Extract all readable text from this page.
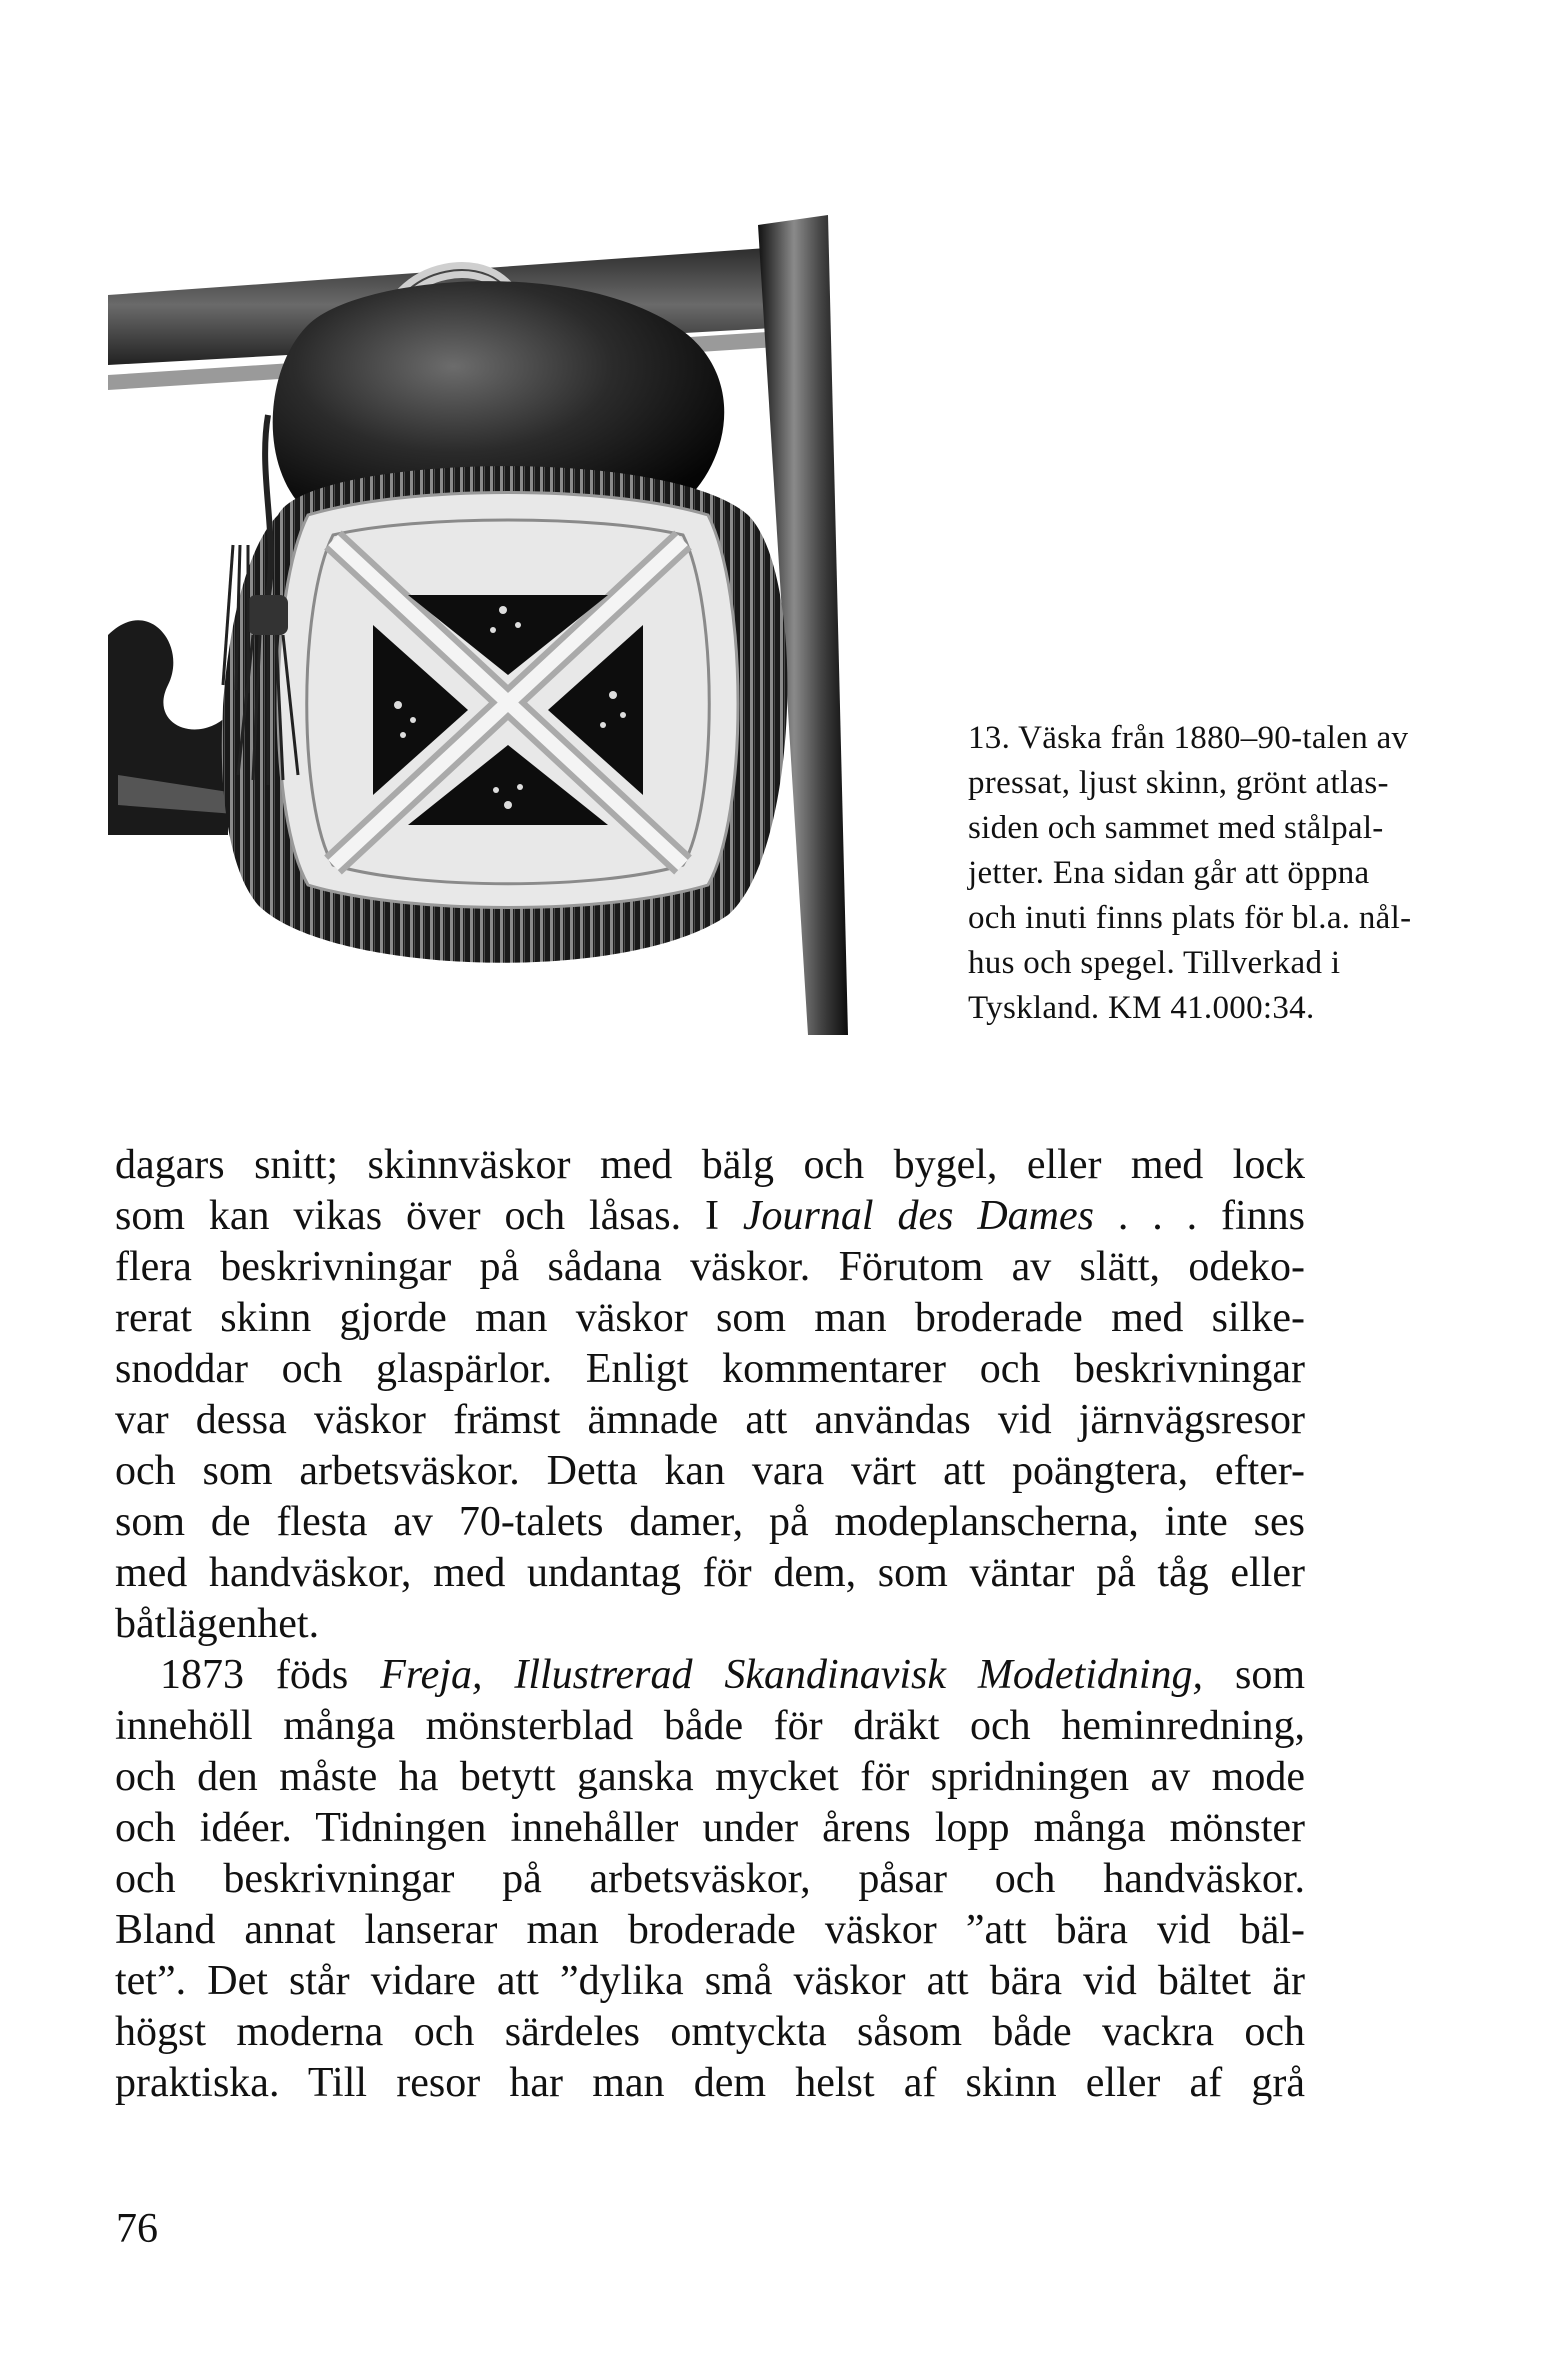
13. Väska från 1880–90-talen av
pressat, ljust skinn, grönt atlas-
siden och sammet med stålpal-
jetter. Ena sidan går att öppna
och inuti finns plats för bl.a. nål-
hus och spegel. Tillverkad i
Tyskland. KM 41.000:34.
dagars snitt; skinnväskor med bälg och bygel, eller med lock
som kan vikas över och låsas. I Journal des Dames . . . finns
flera beskrivningar på sådana väskor. Förutom av slätt, odeko-
rerat skinn gjorde man väskor som man broderade med silke-
snoddar och glaspärlor. Enligt kommentarer och beskrivningar
var dessa väskor främst ämnade att användas vid järnvägsresor
och som arbetsväskor. Detta kan vara värt att poängtera, efter-
som de flesta av 70-talets damer, på modeplanscherna, inte ses
med handväskor, med undantag för dem, som väntar på tåg eller
båtlägenhet.
1873 föds Freja, Illustrerad Skandinavisk Modetidning, som
innehöll många mönsterblad både för dräkt och heminredning,
och den måste ha betytt ganska mycket för spridningen av mode
och idéer. Tidningen innehåller under årens lopp många mönster
och beskrivningar på arbetsväskor, påsar och handväskor.
Bland annat lanserar man broderade väskor ”att bära vid bäl-
tet”. Det står vidare att ”dylika små väskor att bära vid bältet är
högst moderna och särdeles omtyckta såsom både vackra och
praktiska. Till resor har man dem helst af skinn eller af grå
76
